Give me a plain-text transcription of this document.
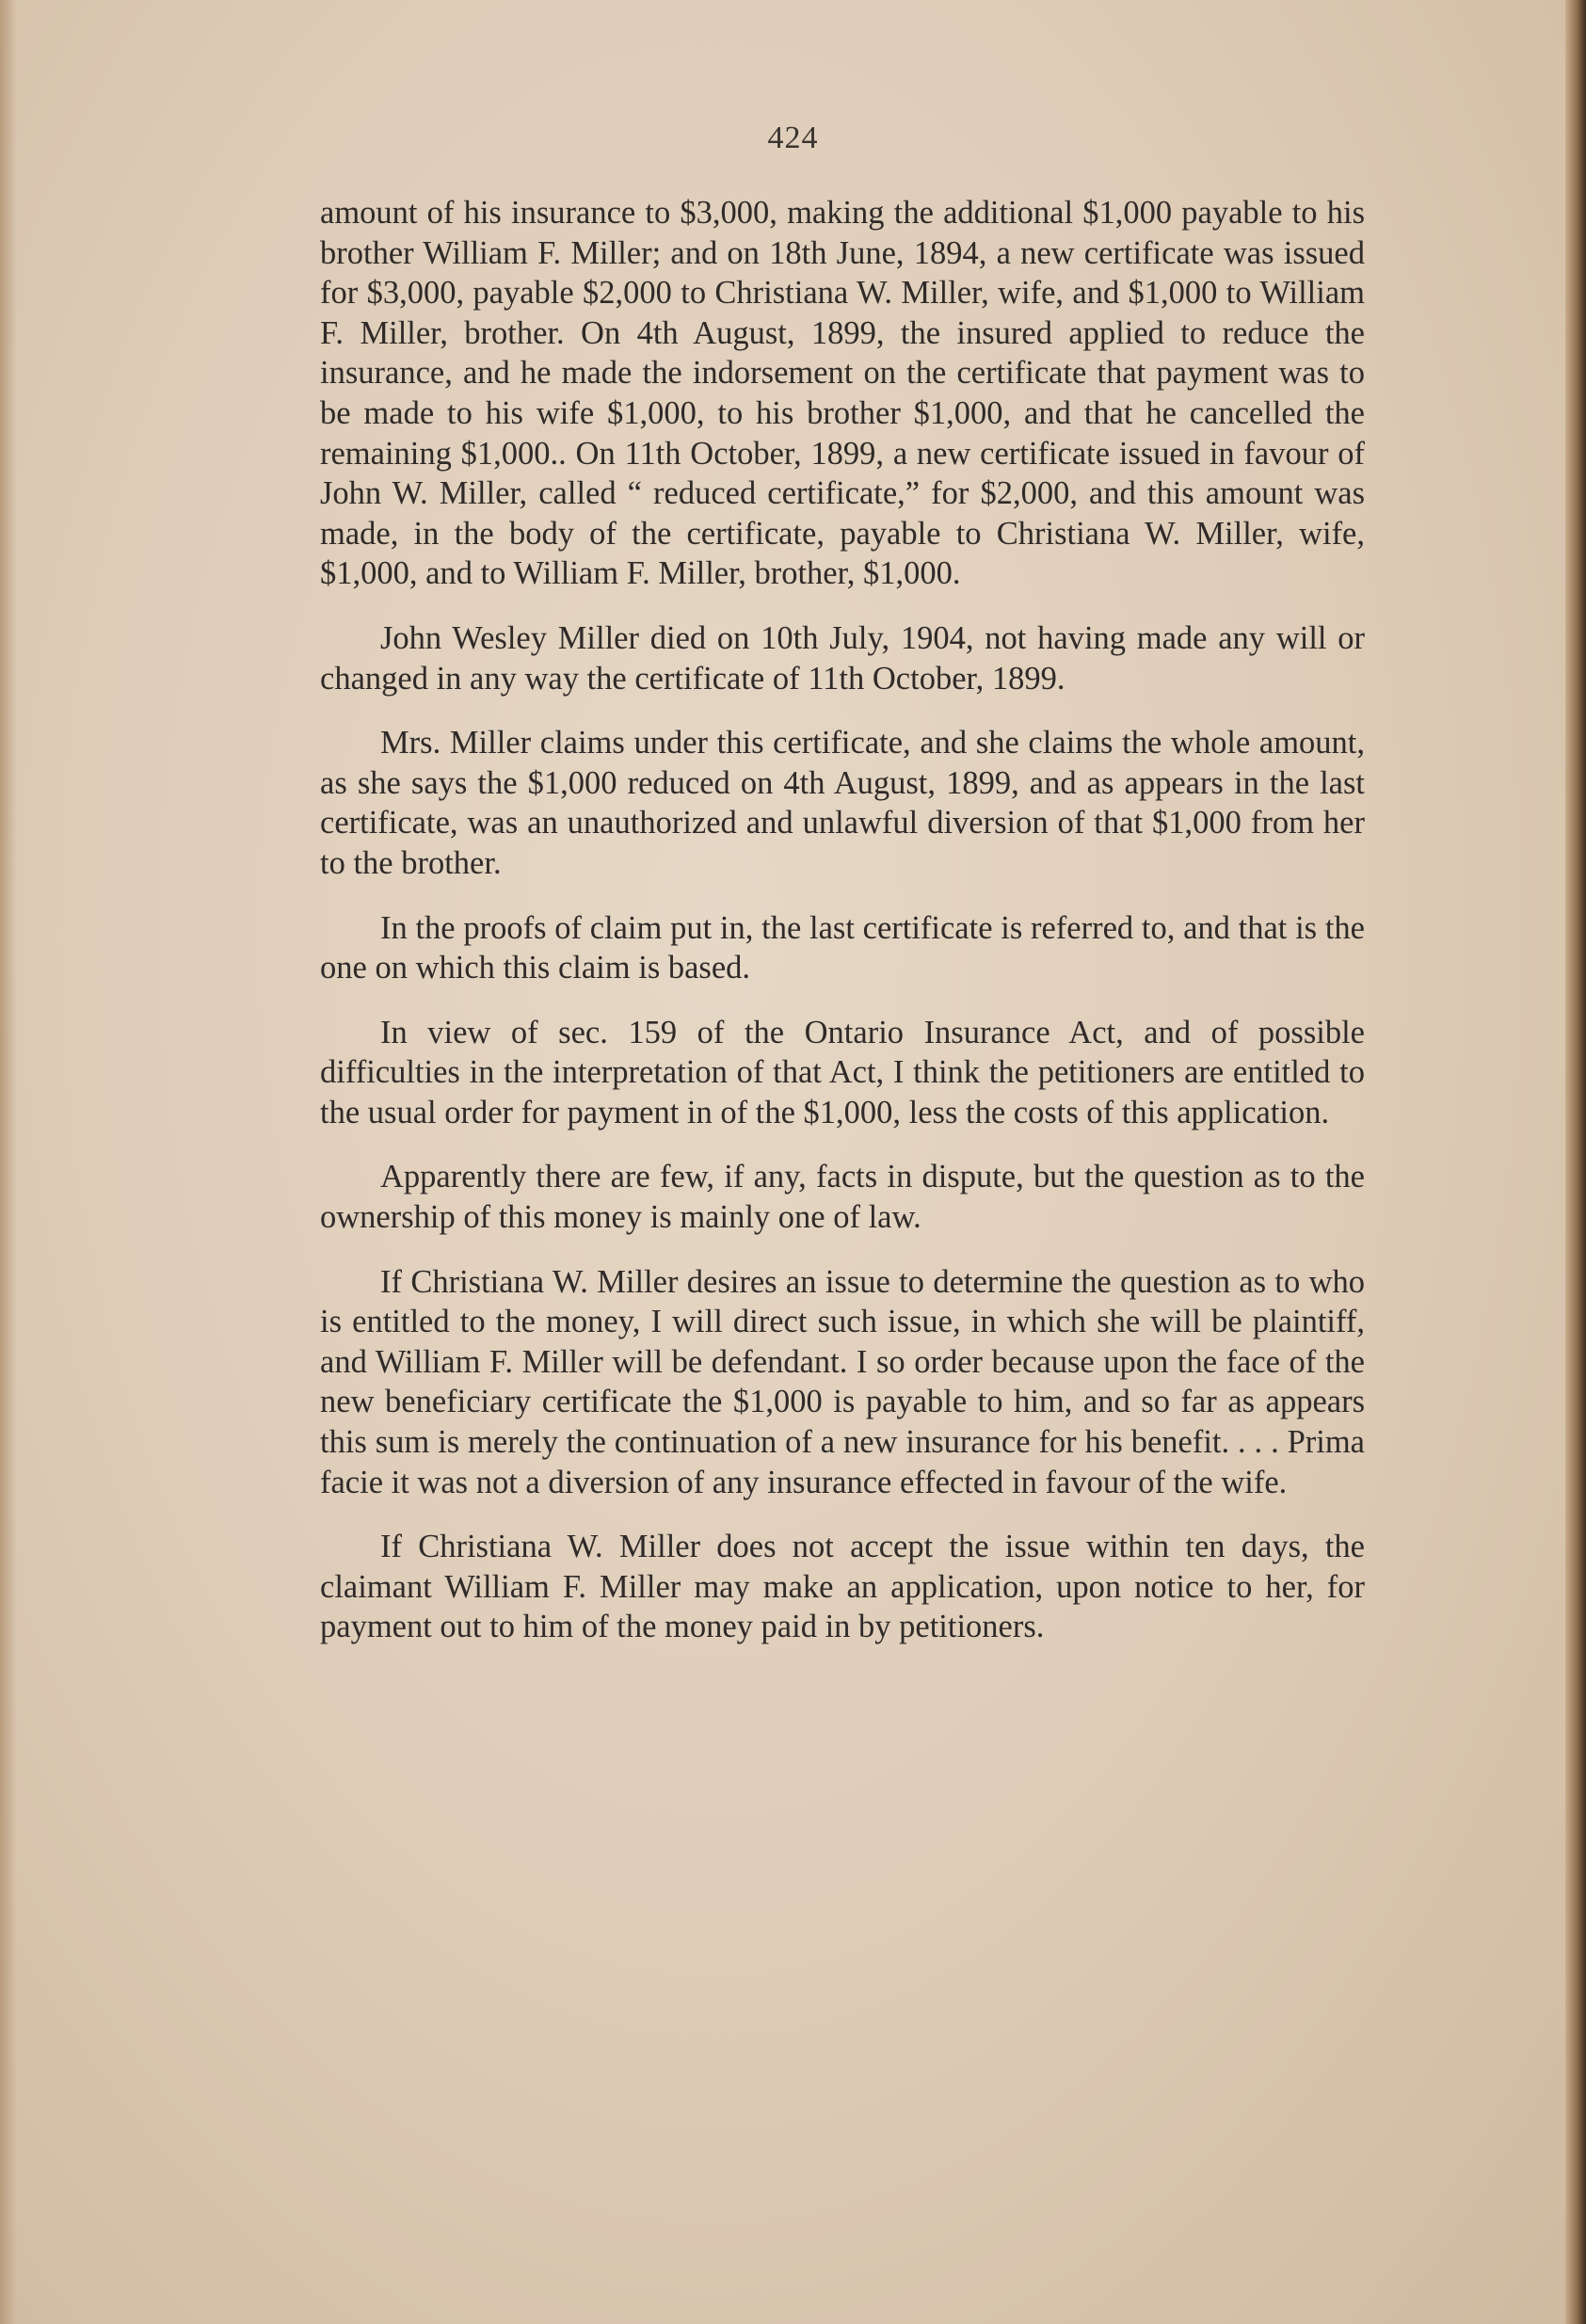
424

amount of his insurance to $3,000, making the additional $1,000 payable to his brother William F. Miller; and on 18th June, 1894, a new certificate was issued for $3,000, payable $2,000 to Christiana W. Miller, wife, and $1,000 to William F. Miller, brother. On 4th August, 1899, the insured applied to reduce the insurance, and he made the indorsement on the certificate that payment was to be made to his wife $1,000, to his brother $1,000, and that he cancelled the remaining $1,000.. On 11th October, 1899, a new certificate issued in favour of John W. Miller, called “ reduced certificate,” for $2,000, and this amount was made, in the body of the certificate, payable to Christiana W. Miller, wife, $1,000, and to William F. Miller, brother, $1,000.

John Wesley Miller died on 10th July, 1904, not having made any will or changed in any way the certificate of 11th October, 1899.

Mrs. Miller claims under this certificate, and she claims the whole amount, as she says the $1,000 reduced on 4th August, 1899, and as appears in the last certificate, was an unauthorized and unlawful diversion of that $1,000 from her to the brother.

In the proofs of claim put in, the last certificate is referred to, and that is the one on which this claim is based.

In view of sec. 159 of the Ontario Insurance Act, and of possible difficulties in the interpretation of that Act, I think the petitioners are entitled to the usual order for payment in of the $1,000, less the costs of this application.

Apparently there are few, if any, facts in dispute, but the question as to the ownership of this money is mainly one of law.

If Christiana W. Miller desires an issue to determine the question as to who is entitled to the money, I will direct such issue, in which she will be plaintiff, and William F. Miller will be defendant. I so order because upon the face of the new beneficiary certificate the $1,000 is payable to him, and so far as appears this sum is merely the continuation of a new insurance for his benefit. . . . Prima facie it was not a diversion of any insurance effected in favour of the wife.

If Christiana W. Miller does not accept the issue within ten days, the claimant William F. Miller may make an application, upon notice to her, for payment out to him of the money paid in by petitioners.
